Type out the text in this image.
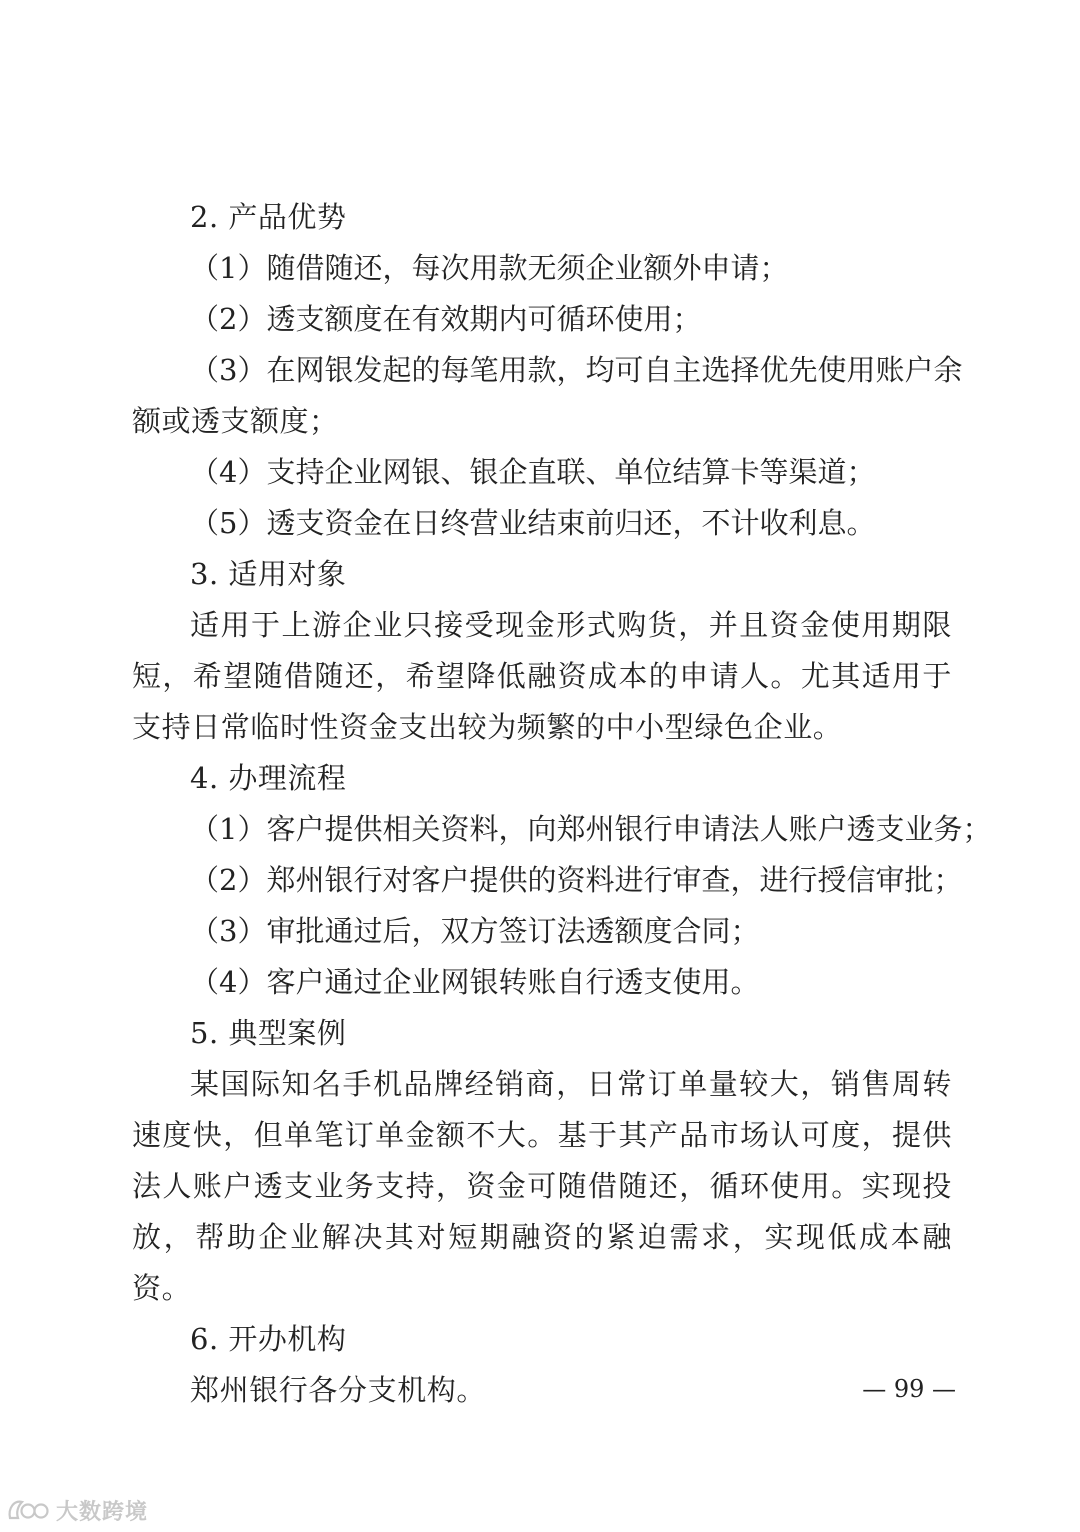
2. 产品优势
（1）随借随还，每次用款无须企业额外申请；
（2）透支额度在有效期内可循环使用；
（3）在网银发起的每笔用款，均可自主选择优先使用账户余
额或透支额度；
（4）支持企业网银、银企直联、单位结算卡等渠道；
（5）透支资金在日终营业结束前归还，不计收利息。
3. 适用对象

适用于上游企业只接受现金形式购货，并且资金使用期限短，希望随借随还，希望降低融资成本的申请人。尤其适用于支持日常临时性资金支出较为频繁的中小型绿色企业。

4. 办理流程
（1）客户提供相关资料，向郑州银行申请法人账户透支业务；
（2）郑州银行对客户提供的资料进行审查，进行授信审批；
（3）审批通过后，双方签订法透额度合同；
（4）客户通过企业网银转账自行透支使用。
5. 典型案例

某国际知名手机品牌经销商，日常订单量较大，销售周转速度快，但单笔订单金额不大。基于其产品市场认可度，提供法人账户透支业务支持，资金可随借随还，循环使用。实现投放，帮助企业解决其对短期融资的紧迫需求，实现低成本融资。

6. 开办机构

郑州银行各分支机构。	— 99 —
大数跨境
